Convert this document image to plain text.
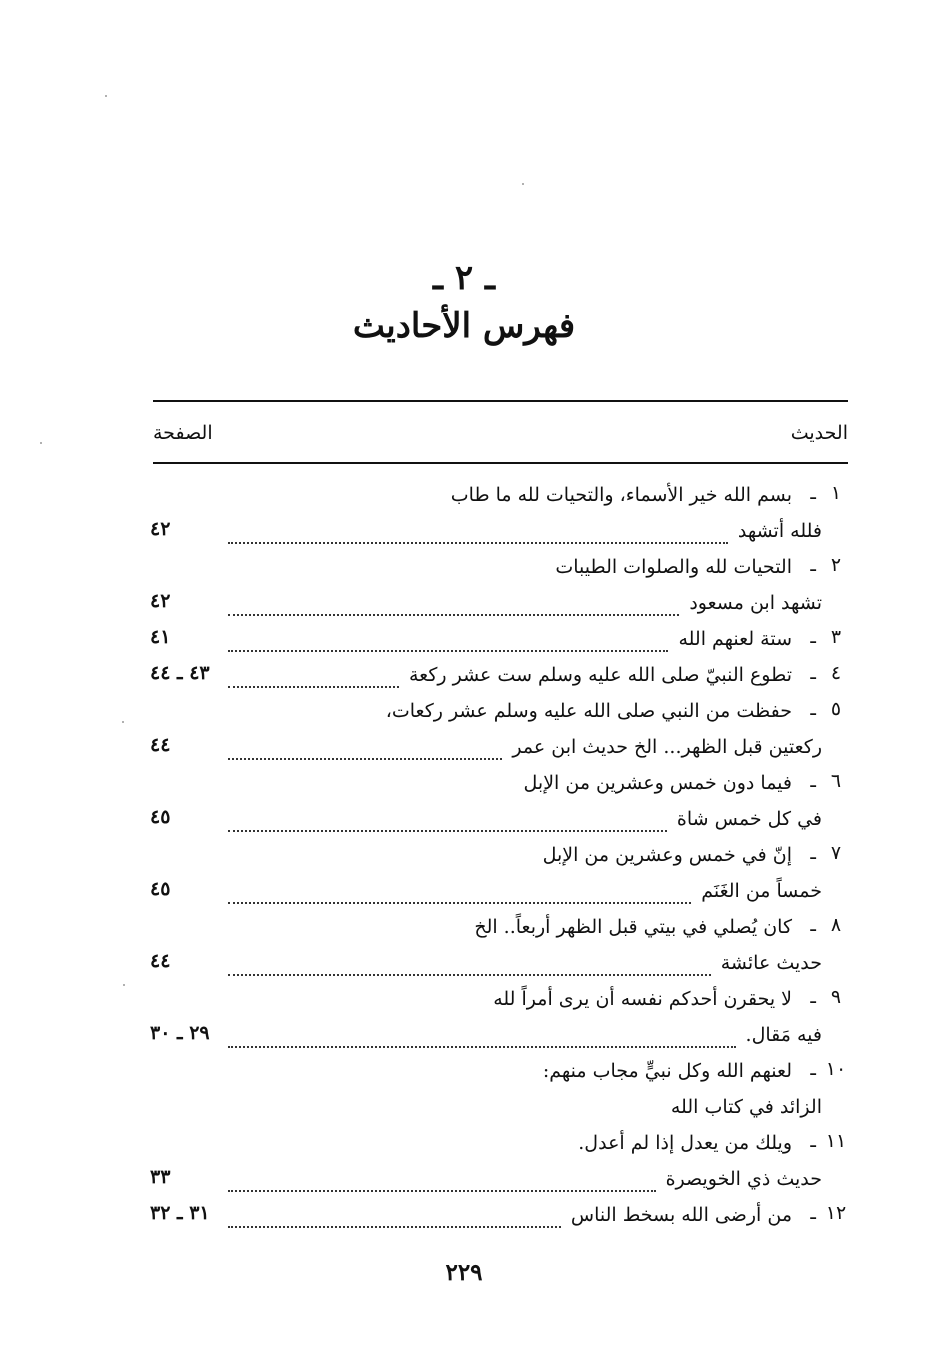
ـ ٢ ـ
فهرس الأحاديث
الحديث
الصفحة
١
ـ
بسم الله خير الأسماء، والتحيات لله ما طاب
فلله أتشهد
٤٢
٢
ـ
التحيات لله والصلوات الطيبات
تشهد ابن مسعود
٤٢
٣
ـ
ستة لعنهم الله
٤١
٤
ـ
تطوع النبيّ صلى الله عليه وسلم ست عشر ركعة
٤٣ ـ ٤٤
٥
ـ
حفظت من النبي صلى الله عليه وسلم عشر ركعات،
ركعتين قبل الظهر... الخ حديث ابن عمر
٤٤
٦
ـ
فيما دون خمس وعشرين من الإبل
في كل خمس شاة
٤٥
٧
ـ
إنّ في خمس وعشرين من الإبل
خمساً من الغَنَم
٤٥
٨
ـ
كان يُصلي في بيتي قبل الظهر أربعاً.. الخ
حديث عائشة
٤٤
٩
ـ
لا يحقرن أحدكم نفسه أن يرى أمراً لله
فيه مَقال.
٢٩ ـ ٣٠
١٠
ـ
لعنهم الله وكل نبيٍّ مجاب منهم:
الزائد في كتاب الله
١١
ـ
ويلك من يعدل إذا لم أعدل.
حديث ذي الخويصرة
٣٣
١٢
ـ
من أرضى الله بسخط الناس
٣١ ـ ٣٢
٢٢٩
